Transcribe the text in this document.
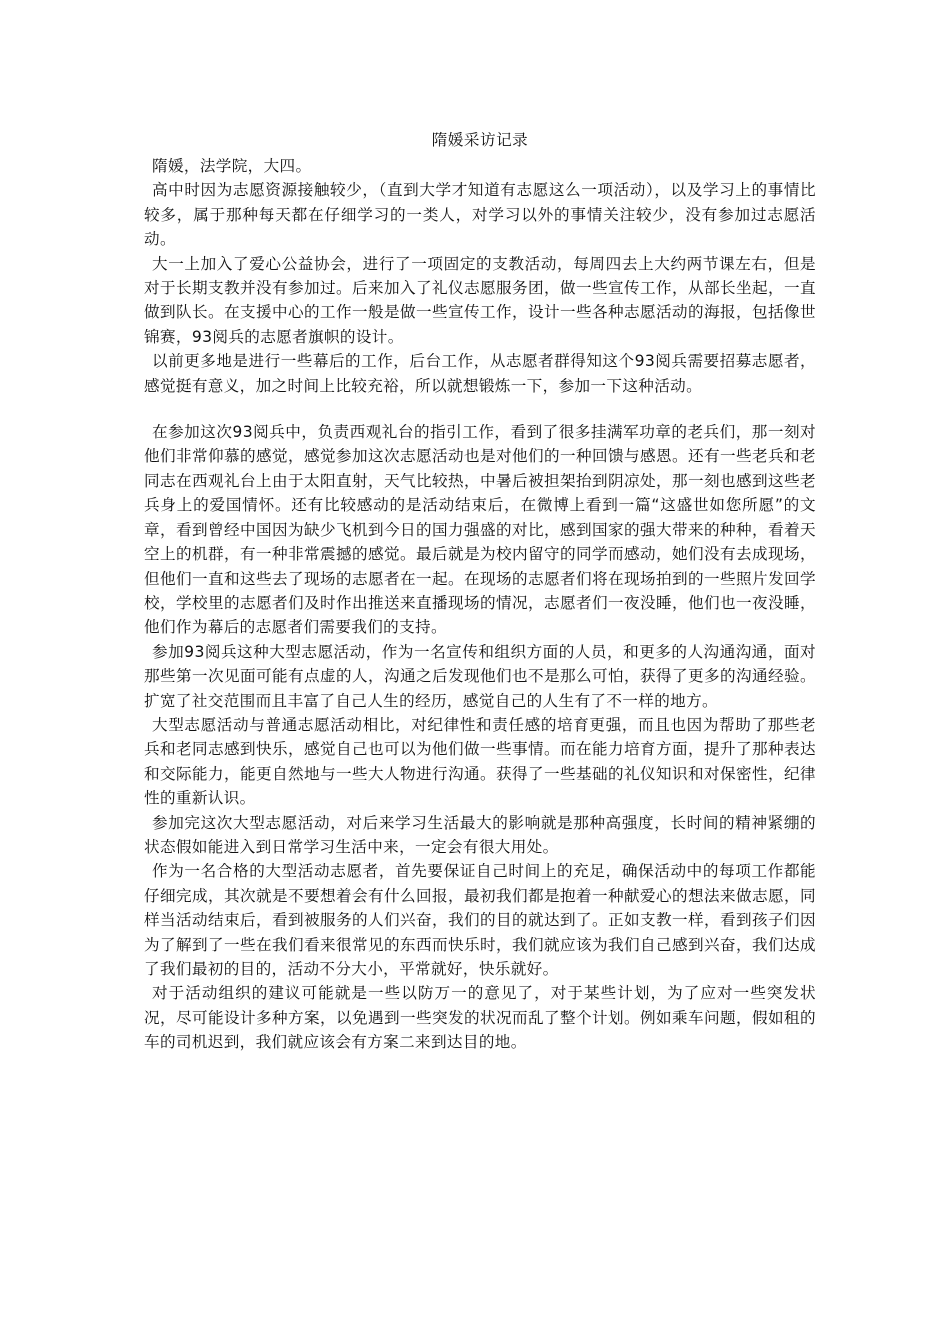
隋媛采访记录

隋媛，法学院，大四。

高中时因为志愿资源接触较少，（直到大学才知道有志愿这么一项活动），以及学习上的事情比较多，属于那种每天都在仔细学习的一类人，对学习以外的事情关注较少，没有参加过志愿活动。

大一上加入了爱心公益协会，进行了一项固定的支教活动，每周四去上大约两节课左右，但是对于长期支教并没有参加过。后来加入了礼仪志愿服务团，做一些宣传工作，从部长坐起，一直做到队长。在支援中心的工作一般是做一些宣传工作，设计一些各种志愿活动的海报，包括像世锦赛，93阅兵的志愿者旗帜的设计。

以前更多地是进行一些幕后的工作，后台工作，从志愿者群得知这个93阅兵需要招募志愿者，感觉挺有意义，加之时间上比较充裕，所以就想锻炼一下，参加一下这种活动。

在参加这次93阅兵中，负责西观礼台的指引工作，看到了很多挂满军功章的老兵们，那一刻对他们非常仰慕的感觉，感觉参加这次志愿活动也是对他们的一种回馈与感恩。还有一些老兵和老同志在西观礼台上由于太阳直射，天气比较热，中暑后被担架抬到阴凉处，那一刻也感到这些老兵身上的爱国情怀。还有比较感动的是活动结束后，在微博上看到一篇“这盛世如您所愿”的文章，看到曾经中国因为缺少飞机到今日的国力强盛的对比，感到国家的强大带来的种种，看着天空上的机群，有一种非常震撼的感觉。最后就是为校内留守的同学而感动，她们没有去成现场，但他们一直和这些去了现场的志愿者在一起。在现场的志愿者们将在现场拍到的一些照片发回学校，学校里的志愿者们及时作出推送来直播现场的情况，志愿者们一夜没睡，他们也一夜没睡，他们作为幕后的志愿者们需要我们的支持。

参加93阅兵这种大型志愿活动，作为一名宣传和组织方面的人员，和更多的人沟通沟通，面对那些第一次见面可能有点虚的人，沟通之后发现他们也不是那么可怕，获得了更多的沟通经验。扩宽了社交范围而且丰富了自己人生的经历，感觉自己的人生有了不一样的地方。

大型志愿活动与普通志愿活动相比，对纪律性和责任感的培育更强，而且也因为帮助了那些老兵和老同志感到快乐，感觉自己也可以为他们做一些事情。而在能力培育方面，提升了那种表达和交际能力，能更自然地与一些大人物进行沟通。获得了一些基础的礼仪知识和对保密性，纪律性的重新认识。

参加完这次大型志愿活动，对后来学习生活最大的影响就是那种高强度，长时间的精神紧绷的状态假如能进入到日常学习生活中来，一定会有很大用处。

作为一名合格的大型活动志愿者，首先要保证自己时间上的充足，确保活动中的每项工作都能仔细完成，其次就是不要想着会有什么回报，最初我们都是抱着一种献爱心的想法来做志愿，同样当活动结束后，看到被服务的人们兴奋，我们的目的就达到了。正如支教一样，看到孩子们因为了解到了一些在我们看来很常见的东西而快乐时，我们就应该为我们自己感到兴奋，我们达成了我们最初的目的，活动不分大小，平常就好，快乐就好。

对于活动组织的建议可能就是一些以防万一的意见了，对于某些计划，为了应对一些突发状况，尽可能设计多种方案，以免遇到一些突发的状况而乱了整个计划。例如乘车问题，假如租的车的司机迟到，我们就应该会有方案二来到达目的地。
